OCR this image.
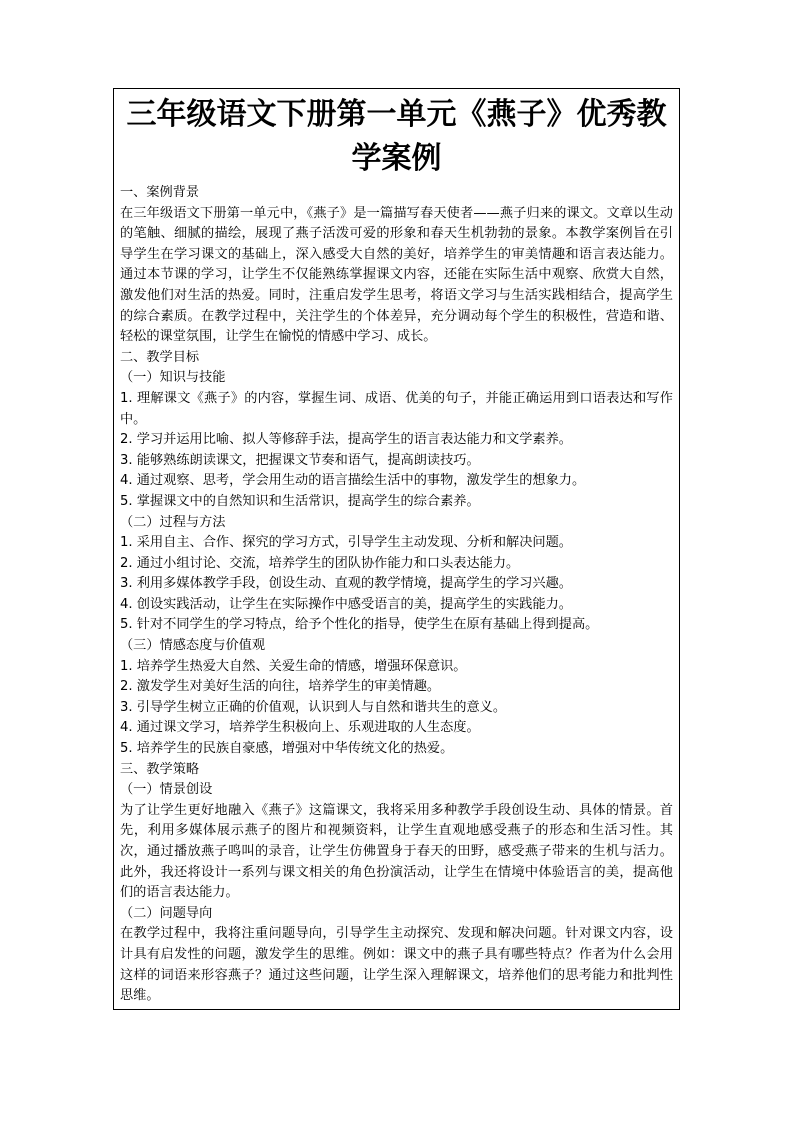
三年级语文下册第一单元《燕子》优秀教学案例

一、案例背景

在三年级语文下册第一单元中，《燕子》是一篇描写春天使者——燕子归来的课文。文章以生动的笔触、细腻的描绘，展现了燕子活泼可爱的形象和春天生机勃勃的景象。本教学案例旨在引导学生在学习课文的基础上，深入感受大自然的美好，培养学生的审美情趣和语言表达能力。通过本节课的学习，让学生不仅能熟练掌握课文内容，还能在实际生活中观察、欣赏大自然，激发他们对生活的热爱。同时，注重启发学生思考，将语文学习与生活实践相结合，提高学生的综合素质。在教学过程中，关注学生的个体差异，充分调动每个学生的积极性，营造和谐、轻松的课堂氛围，让学生在愉悦的情感中学习、成长。

二、教学目标

（一）知识与技能

1. 理解课文《燕子》的内容，掌握生词、成语、优美的句子，并能正确运用到口语表达和写作中。

2. 学习并运用比喻、拟人等修辞手法，提高学生的语言表达能力和文学素养。

3. 能够熟练朗读课文，把握课文节奏和语气，提高朗读技巧。

4. 通过观察、思考，学会用生动的语言描绘生活中的事物，激发学生的想象力。

5. 掌握课文中的自然知识和生活常识，提高学生的综合素养。

（二）过程与方法

1. 采用自主、合作、探究的学习方式，引导学生主动发现、分析和解决问题。

2. 通过小组讨论、交流，培养学生的团队协作能力和口头表达能力。

3. 利用多媒体教学手段，创设生动、直观的教学情境，提高学生的学习兴趣。

4. 创设实践活动，让学生在实际操作中感受语言的美，提高学生的实践能力。

5. 针对不同学生的学习特点，给予个性化的指导，使学生在原有基础上得到提高。

（三）情感态度与价值观

1. 培养学生热爱大自然、关爱生命的情感，增强环保意识。

2. 激发学生对美好生活的向往，培养学生的审美情趣。

3. 引导学生树立正确的价值观，认识到人与自然和谐共生的意义。

4. 通过课文学习，培养学生积极向上、乐观进取的人生态度。

5. 培养学生的民族自豪感，增强对中华传统文化的热爱。

三、教学策略

（一）情景创设

为了让学生更好地融入《燕子》这篇课文，我将采用多种教学手段创设生动、具体的情景。首先，利用多媒体展示燕子的图片和视频资料，让学生直观地感受燕子的形态和生活习性。其次，通过播放燕子鸣叫的录音，让学生仿佛置身于春天的田野，感受燕子带来的生机与活力。此外，我还将设计一系列与课文相关的角色扮演活动，让学生在情境中体验语言的美，提高他们的语言表达能力。

（二）问题导向

在教学过程中，我将注重问题导向，引导学生主动探究、发现和解决问题。针对课文内容，设计具有启发性的问题，激发学生的思维。例如：课文中的燕子具有哪些特点？作者为什么会用这样的词语来形容燕子？通过这些问题，让学生深入理解课文，培养他们的思考能力和批判性思维。
